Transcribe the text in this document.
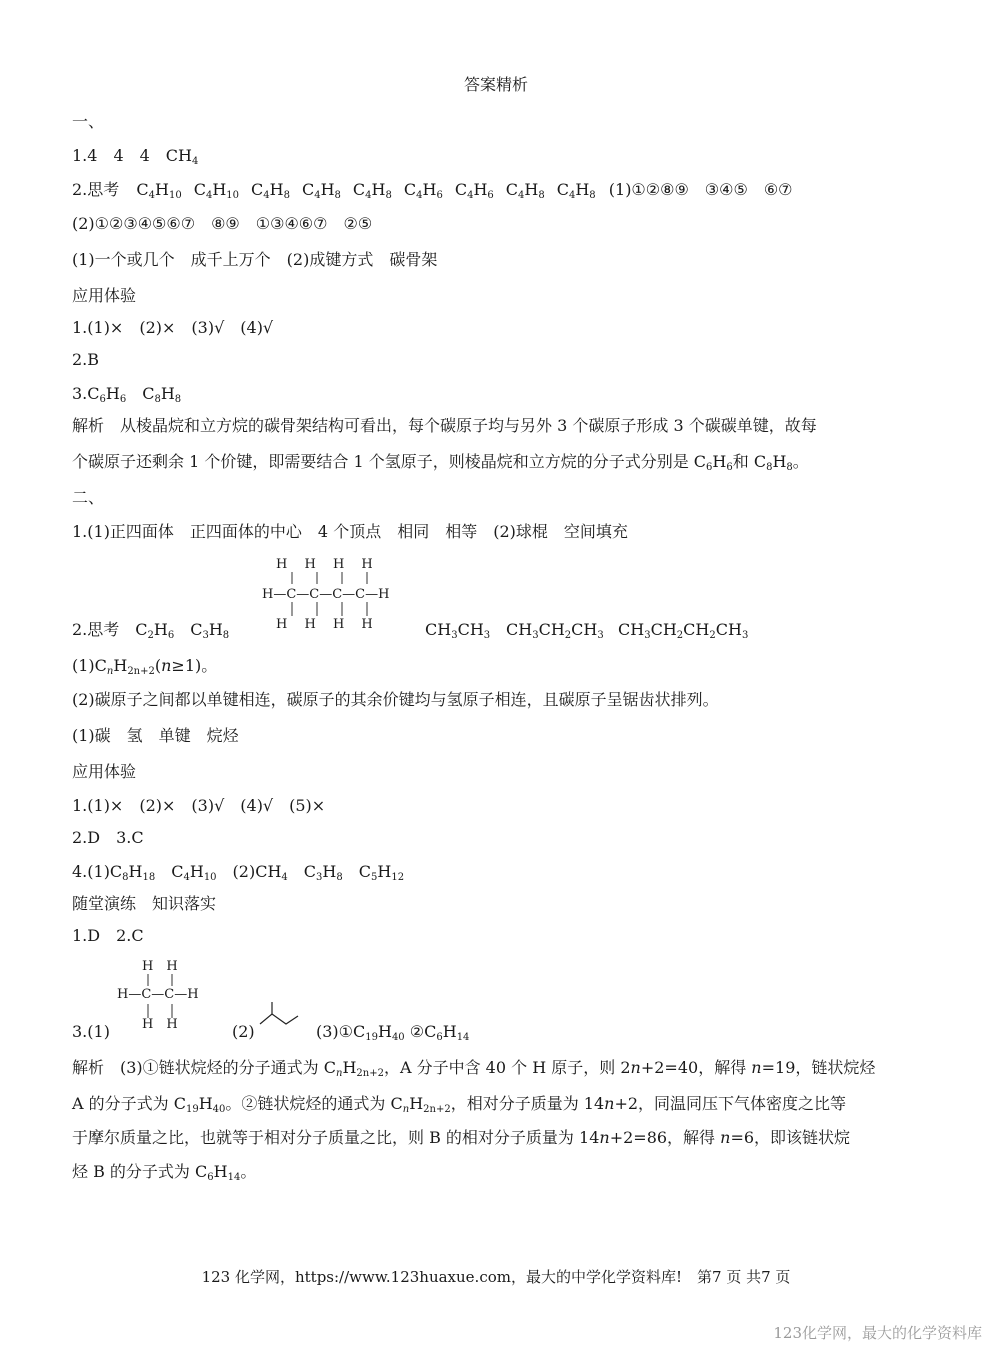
答案精析
一、
1.4　4　4　$CH_4$
2.思考 $C_4H_{10}$ $C_4H_{10}$ $C_4H_8$ $C_4H_8$ $C_4H_8$ $C_4H_6$ $C_4H_6$ $C_4H_8$ $C_4H_8$ (1)①②⑧⑨　③④⑤　⑥⑦
(2)①②③④⑤⑥⑦　⑧⑨　①③④⑥⑦　②⑤
(1)一个或几个　成千上万个　(2)成键方式　碳骨架
应用体验
1.(1)×　(2)×　(3)√　(4)√
2.B
$3.C_6H_6$　$C_8H_8$
解析　从棱晶烷和立方烷的碳骨架结构可看出，每个碳原子均与另外 3 个碳原子形成 3 个碳碳单键，故每
个碳原子还剩余 1 个价键，即需要结合 1 个氢原子，则棱晶烷和立方烷的分子式分别是 $C_6H_6$和 $C_8H_8$。
二、
1.(1)正四面体　正四面体的中心　4 个顶点　相同　相等　(2)球棍　空间填充
H　 H　 H　 H
H—C—C—C—C—H
H　 H　 H　 H
2.思考　$C_2H_6$　$C_3H_8$	$CH_3CH_3$ $CH_3CH_2CH_3$ $CH_3CH_2CH_2CH_3$
$(1)C_nH_{2n+2}(n\ge 1)$。
(2)碳原子之间都以单键相连，碳原子的其余价键均与氢原子相连，且碳原子呈锯齿状排列。
(1)碳　氢　单键　烷烃
应用体验
1.(1)×　(2)×　(3)√　(4)√　(5)×
2.D　3.C
$4.(1)C_8H_{18}$　$C_4H_{10}$　$(2)CH_4$　$C_3H_8$　$C_5H_{12}$
随堂演练　知识落实
1.D　2.C
H　H
H—C—C—H
H　H
3.(1)	(2)	$(3)①C_{19}H_{40}$ $②C_6H_{14}$
解析　(3)①链状烷烃的分子通式为 $C_nH_{2n+2}$，A 分子中含 40 个 H 原子，则 2n+2=40，解得 n=19，链状烷烃
A 的分子式为 $C_{19}H_{40}$。②链状烷烃的通式为 $C_nH_{2n+2}$，相对分子质量为 14n+2，同温同压下气体密度之比等
于摩尔质量之比，也就等于相对分子质量之比，则 B 的相对分子质量为 14n+2=86，解得 n=6，即该链状烷
烃 B 的分子式为 $C_6H_{14}$。
123 化学网，https://www.123huaxue.com，最大的中学化学资料库!　第7 页 共7 页
123化学网，最大的化学资料库
